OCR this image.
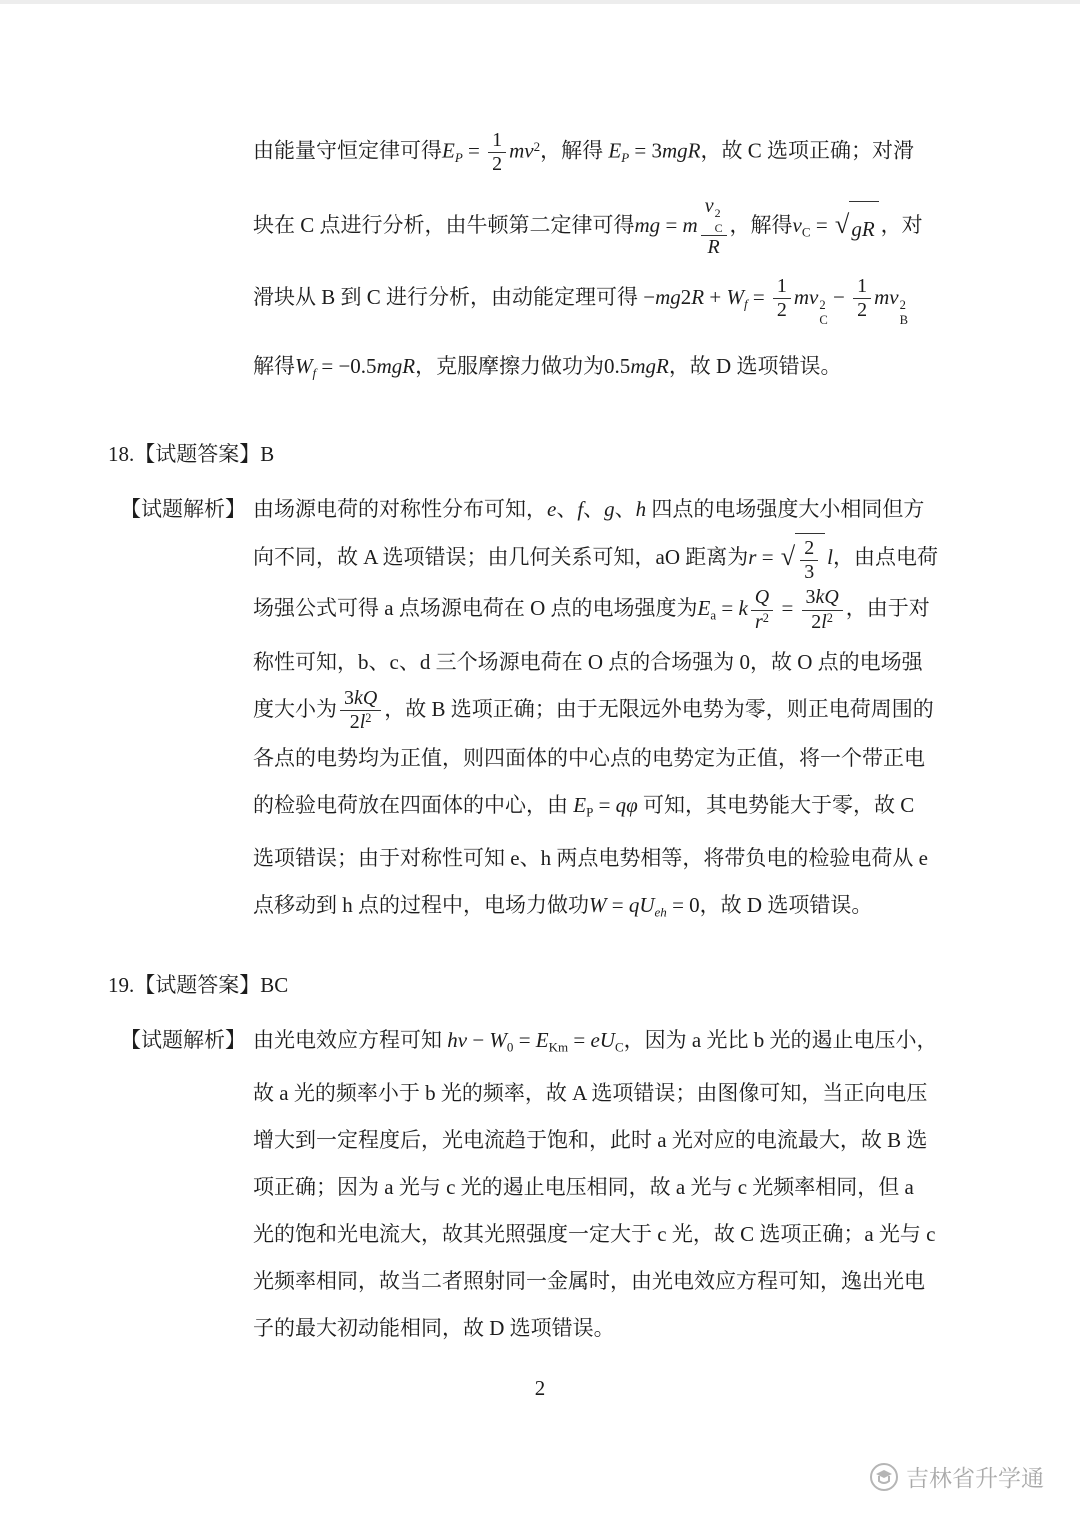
由能量守恒定律可得$E_P = \frac{1}{2} mv^2$，解得 $E_P = 3mgR$，故 C 选项正确；对滑
块在 C 点进行分析，由牛顿第二定律可得mg = m v 2
C
R ，解得$v_C$ = √ gR ，对
滑块从 B 到 C 进行分析，由动能定理可得 $-mg2R + W_f = \frac{1}{2}$ mv 2
C
− $\frac{1}{2}$ mv 2
B
解得$W_f = -0.5mgR$，克服摩擦力做功为0.5mgR，故 D 选项错误。
18.【试题答案】B
【试题解析】 由场源电荷的对称性分布可知，e、f、g、h 四点的电场强度大小相同但方
向不同，故 A 选项错误；由几何关系可知，aO 距离为r = √ $\frac{2}{3}$ l，由点电荷
场强公式可得 a 点场源电荷在 O 点的电场强度为$E_a = k \frac{Q}{r^2} = \frac{3kQ}{2l^2}$ ，由于对
称性可知，b、c、d 三个场源电荷在 O 点的合场强为 0，故 O 点的电场强
度大小为 $\frac{3kQ}{2l^2}$ ，故 B 选项正确；由于无限远外电势为零，则正电荷周围的
各点的电势均为正值，则四面体的中心点的电势定为正值，将一个带正电
的检验电荷放在四面体的中心，由 $E_P = q\varphi$ 可知，其电势能大于零，故 C
选项错误；由于对称性可知 e、h 两点电势相等，将带负电的检验电荷从 e
点移动到 h 点的过程中，电场力做功$W = qU_{eh} = 0$，故 D 选项错误。
19.【试题答案】BC
【试题解析】 由光电效应方程可知 hv − $W_0 = E_{Km} = eU_C$，因为 a 光比 b 光的遏止电压小，
故 a 光的频率小于 b 光的频率，故 A 选项错误；由图像可知，当正向电压
增大到一定程度后，光电流趋于饱和，此时 a 光对应的电流最大，故 B 选
项正确；因为 a 光与 c 光的遏止电压相同，故 a 光与 c 光频率相同，但 a
光的饱和光电流大，故其光照强度一定大于 c 光，故 C 选项正确；a 光与 c
光频率相同，故当二者照射同一金属时，由光电效应方程可知，逸出光电
子的最大初动能相同，故 D 选项错误。
2
吉林省升学通
